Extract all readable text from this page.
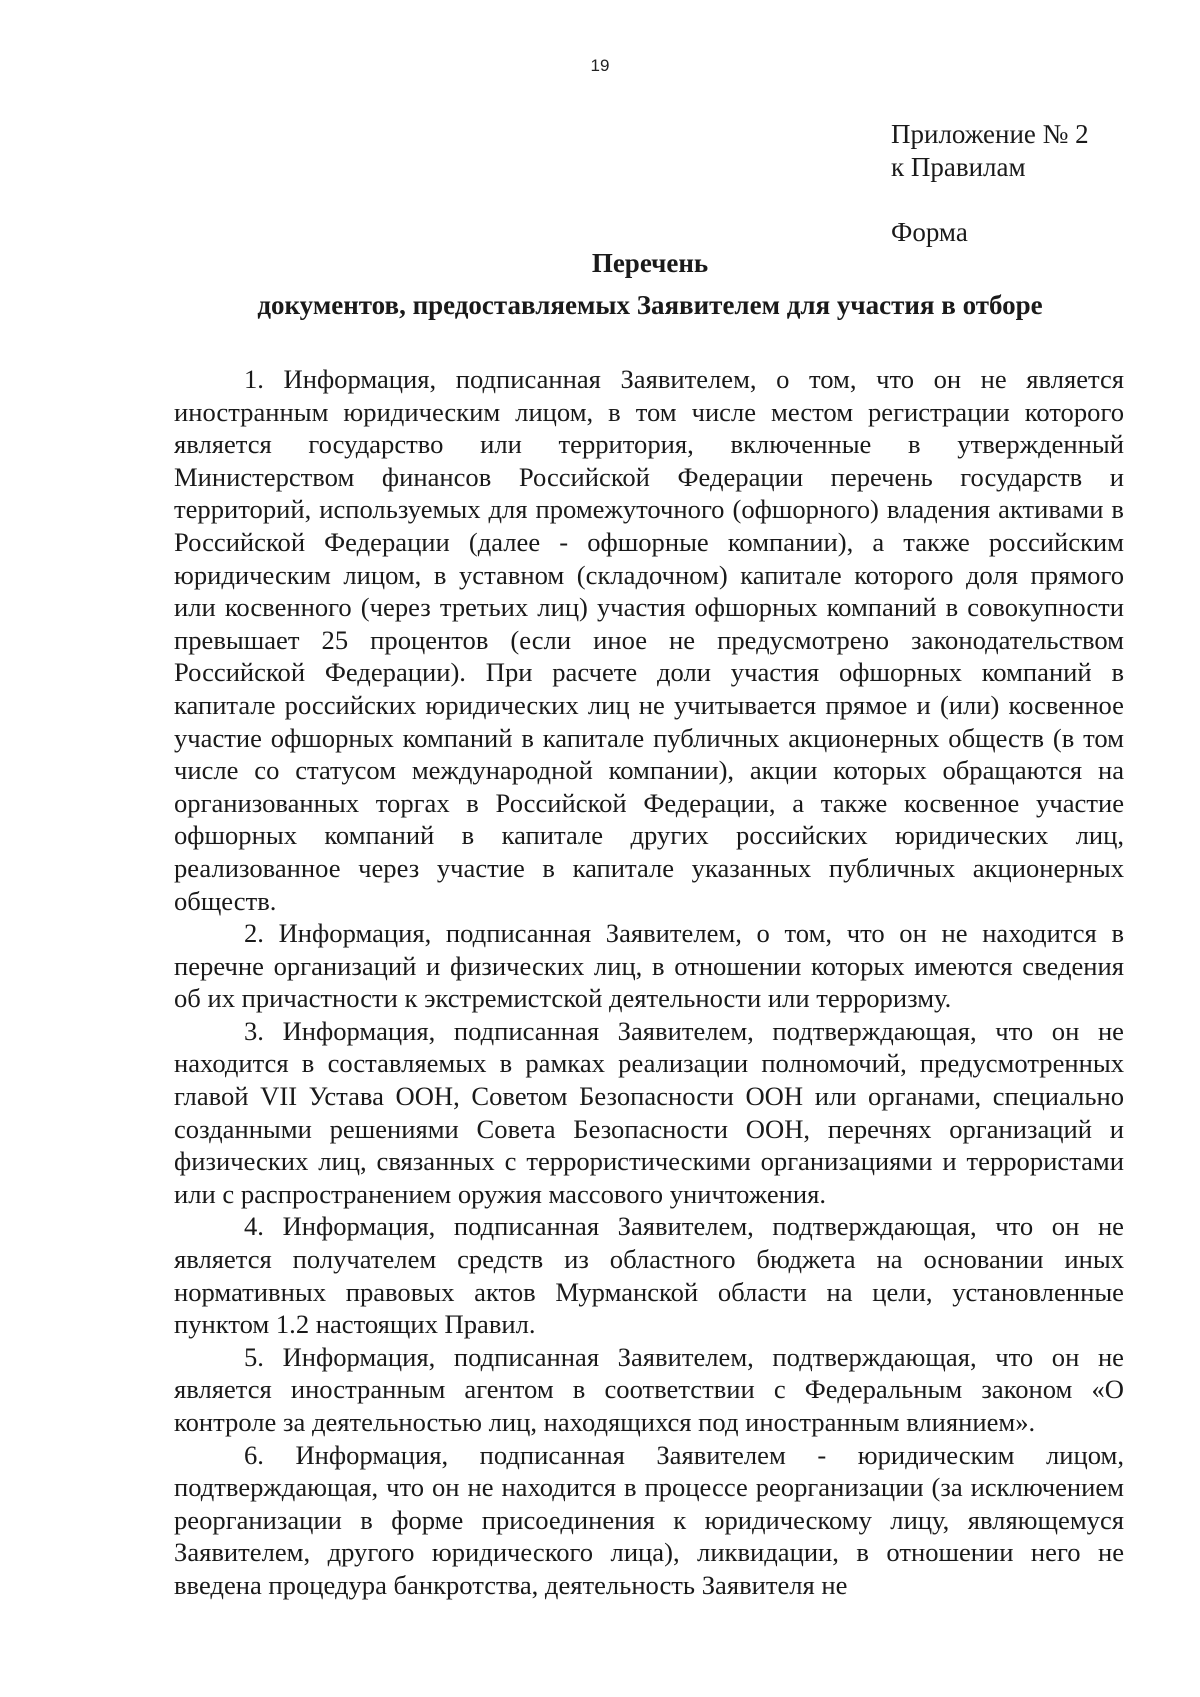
19
Приложение № 2
к Правилам
Форма
Перечень
документов, предоставляемых Заявителем для участия в отборе

1. Информация, подписанная Заявителем, о том, что он не является иностранным юридическим лицом, в том числе местом регистрации которого является государство или территория, включенные в утвержденный Министерством финансов Российской Федерации перечень государств и территорий, используемых для промежуточного (офшорного) владения активами в Российской Федерации (далее - офшорные компании), а также российским юридическим лицом, в уставном (складочном) капитале которого доля прямого или косвенного (через третьих лиц) участия офшорных компаний в совокупности превышает 25 процентов (если иное не предусмотрено законодательством Российской Федерации). При расчете доли участия офшорных компаний в капитале российских юридических лиц не учитывается прямое и (или) косвенное участие офшорных компаний в капитале публичных акционерных обществ (в том числе со статусом международной компании), акции которых обращаются на организованных торгах в Российской Федерации, а также косвенное участие офшорных компаний в капитале других российских юридических лиц, реализованное через участие в капитале указанных публичных акционерных обществ.

2. Информация, подписанная Заявителем, о том, что он не находится в перечне организаций и физических лиц, в отношении которых имеются сведения об их причастности к экстремистской деятельности или терроризму.

3. Информация, подписанная Заявителем, подтверждающая, что он не находится в составляемых в рамках реализации полномочий, предусмотренных главой VII Устава ООН, Советом Безопасности ООН или органами, специально созданными решениями Совета Безопасности ООН, перечнях организаций и физических лиц, связанных с террористическими организациями и террористами или с распространением оружия массового уничтожения.

4. Информация, подписанная Заявителем, подтверждающая, что он не является получателем средств из областного бюджета на основании иных нормативных правовых актов Мурманской области на цели, установленные пунктом 1.2 настоящих Правил.

5. Информация, подписанная Заявителем, подтверждающая, что он не является иностранным агентом в соответствии с Федеральным законом «О контроле за деятельностью лиц, находящихся под иностранным влиянием».

6. Информация, подписанная Заявителем - юридическим лицом, подтверждающая, что он не находится в процессе реорганизации (за исключением реорганизации в форме присоединения к юридическому лицу, являющемуся Заявителем, другого юридического лица), ликвидации, в отношении него не введена процедура банкротства, деятельность Заявителя не
